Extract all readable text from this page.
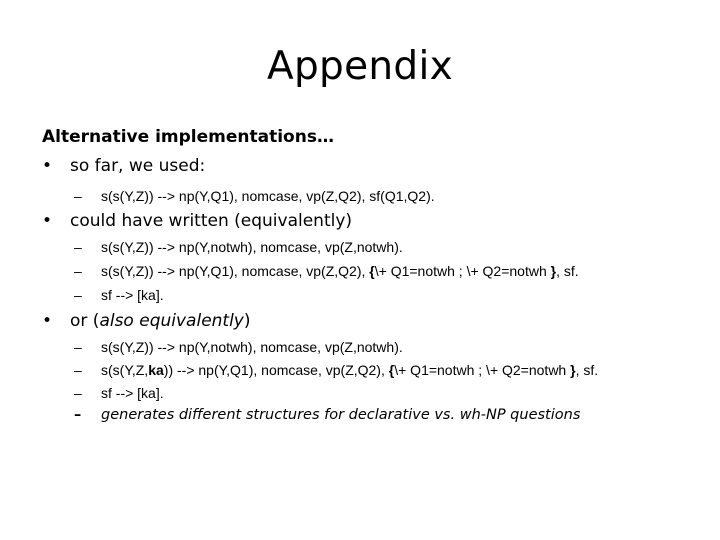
Appendix
Alternative implementations…
• so far, we used:
– s(s(Y,Z)) --> np(Y,Q1), nomcase, vp(Z,Q2), sf(Q1,Q2).
• could have written (equivalently)
– s(s(Y,Z)) --> np(Y,notwh), nomcase, vp(Z,notwh).
– s(s(Y,Z)) --> np(Y,Q1), nomcase, vp(Z,Q2), {\+ Q1=notwh ; \+ Q2=notwh }, sf.
– sf --> [ka].
• or (also equivalently)
– s(s(Y,Z)) --> np(Y,notwh), nomcase, vp(Z,notwh).
– s(s(Y,Z,ka)) --> np(Y,Q1), nomcase, vp(Z,Q2), {\+ Q1=notwh ; \+ Q2=notwh }, sf.
– sf --> [ka].
– generates different structures for declarative vs. wh-NP questions
